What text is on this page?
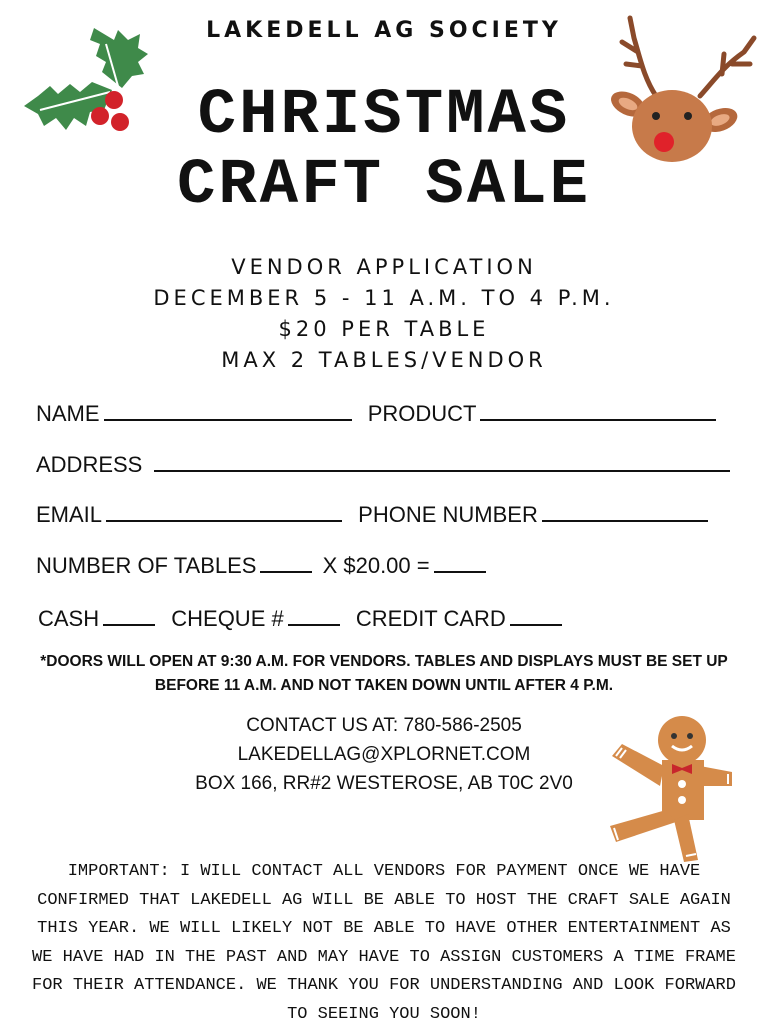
LAKEDELL AG SOCIETY
CHRISTMAS
CRAFT SALE
VENDOR APPLICATION
DECEMBER 5 - 11 A.M. TO 4 P.M.
$20 PER TABLE
MAX 2 TABLES/VENDOR
NAME	PRODUCT
ADDRESS
EMAIL	PHONE NUMBER
NUMBER OF TABLES	X $20.00 =
CASH	CHEQUE #	CREDIT CARD
*DOORS WILL OPEN AT 9:30 A.M. FOR VENDORS. TABLES AND DISPLAYS MUST BE SET UP BEFORE 11 A.M. AND NOT TAKEN DOWN UNTIL AFTER 4 P.M.
CONTACT US AT: 780-586-2505
LAKEDELLAG@XPLORNET.COM
BOX 166, RR#2 WESTEROSE, AB T0C 2V0
IMPORTANT: I WILL CONTACT ALL VENDORS FOR PAYMENT ONCE WE HAVE CONFIRMED THAT LAKEDELL AG WILL BE ABLE TO HOST THE CRAFT SALE AGAIN THIS YEAR. WE WILL LIKELY NOT BE ABLE TO HAVE OTHER ENTERTAINMENT AS WE HAVE HAD IN THE PAST AND MAY HAVE TO ASSIGN CUSTOMERS A TIME FRAME FOR THEIR ATTENDANCE. WE THANK YOU FOR UNDERSTANDING AND LOOK FORWARD TO SEEING YOU SOON!
